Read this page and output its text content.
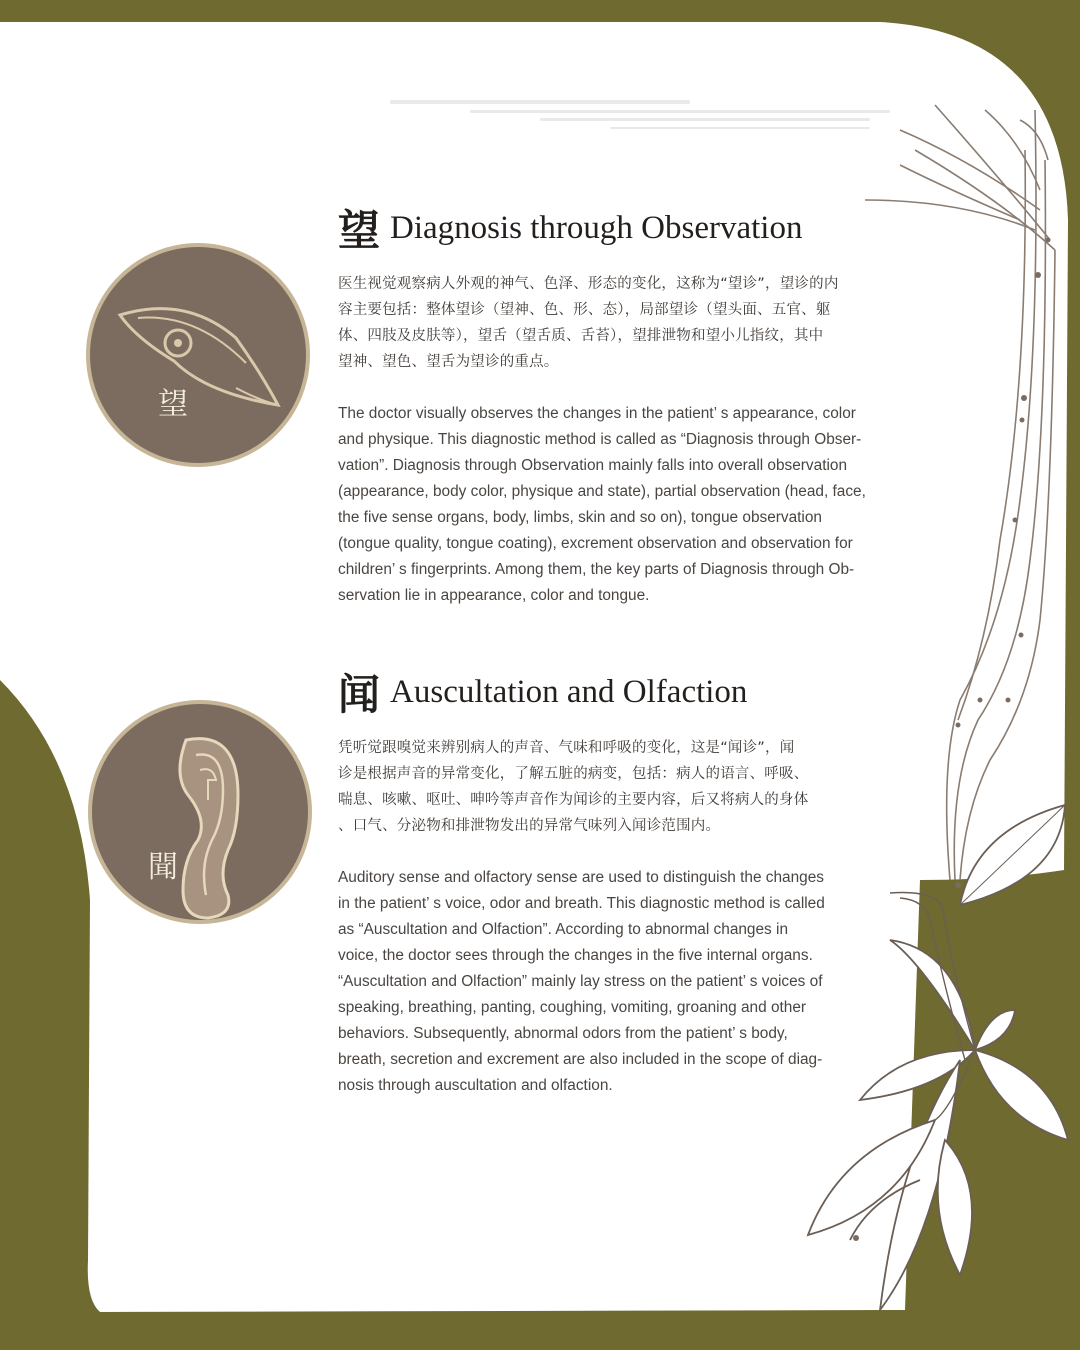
望
望 Diagnosis through Observation

医生视觉观察病人外观的神气、色泽、形态的变化，这称为“望诊”，望诊的内

容主要包括：整体望诊（望神、色、形、态），局部望诊（望头面、五官、躯

体、四肢及皮肤等），望舌（望舌质、舌苔），望排泄物和望小儿指纹，其中

望神、望色、望舌为望诊的重点。

The doctor visually observes the changes in the patient’ s appearance, color

and physique. This diagnostic method is called as “Diagnosis through Obser-

vation”. Diagnosis through Observation mainly falls into overall observation

(appearance, body color, physique and state), partial observation (head, face,

the five sense organs, body, limbs, skin and so on), tongue observation

(tongue quality, tongue coating), excrement observation and observation for

children’ s fingerprints. Among them, the key parts of Diagnosis through Ob-

servation lie in appearance, color and tongue.

聞
闻 Auscultation and Olfaction

凭听觉跟嗅觉来辨别病人的声音、气味和呼吸的变化，这是“闻诊”，闻

诊是根据声音的异常变化，了解五脏的病变，包括：病人的语言、呼吸、

喘息、咳嗽、呕吐、呻吟等声音作为闻诊的主要内容，后又将病人的身体

、口气、分泌物和排泄物发出的异常气味列入闻诊范围内。

Auditory sense and olfactory sense are used to distinguish the changes

in the patient’ s voice, odor and breath. This diagnostic method is called

as “Auscultation and Olfaction”. According to abnormal changes in

voice, the doctor sees through the changes in the five internal organs.

“Auscultation and Olfaction” mainly lay stress on the patient’ s voices of

speaking, breathing, panting, coughing, vomiting, groaning and other

behaviors. Subsequently, abnormal odors from the patient’ s body,

breath, secretion and excrement are also included in the scope of diag-

nosis through auscultation and olfaction.
